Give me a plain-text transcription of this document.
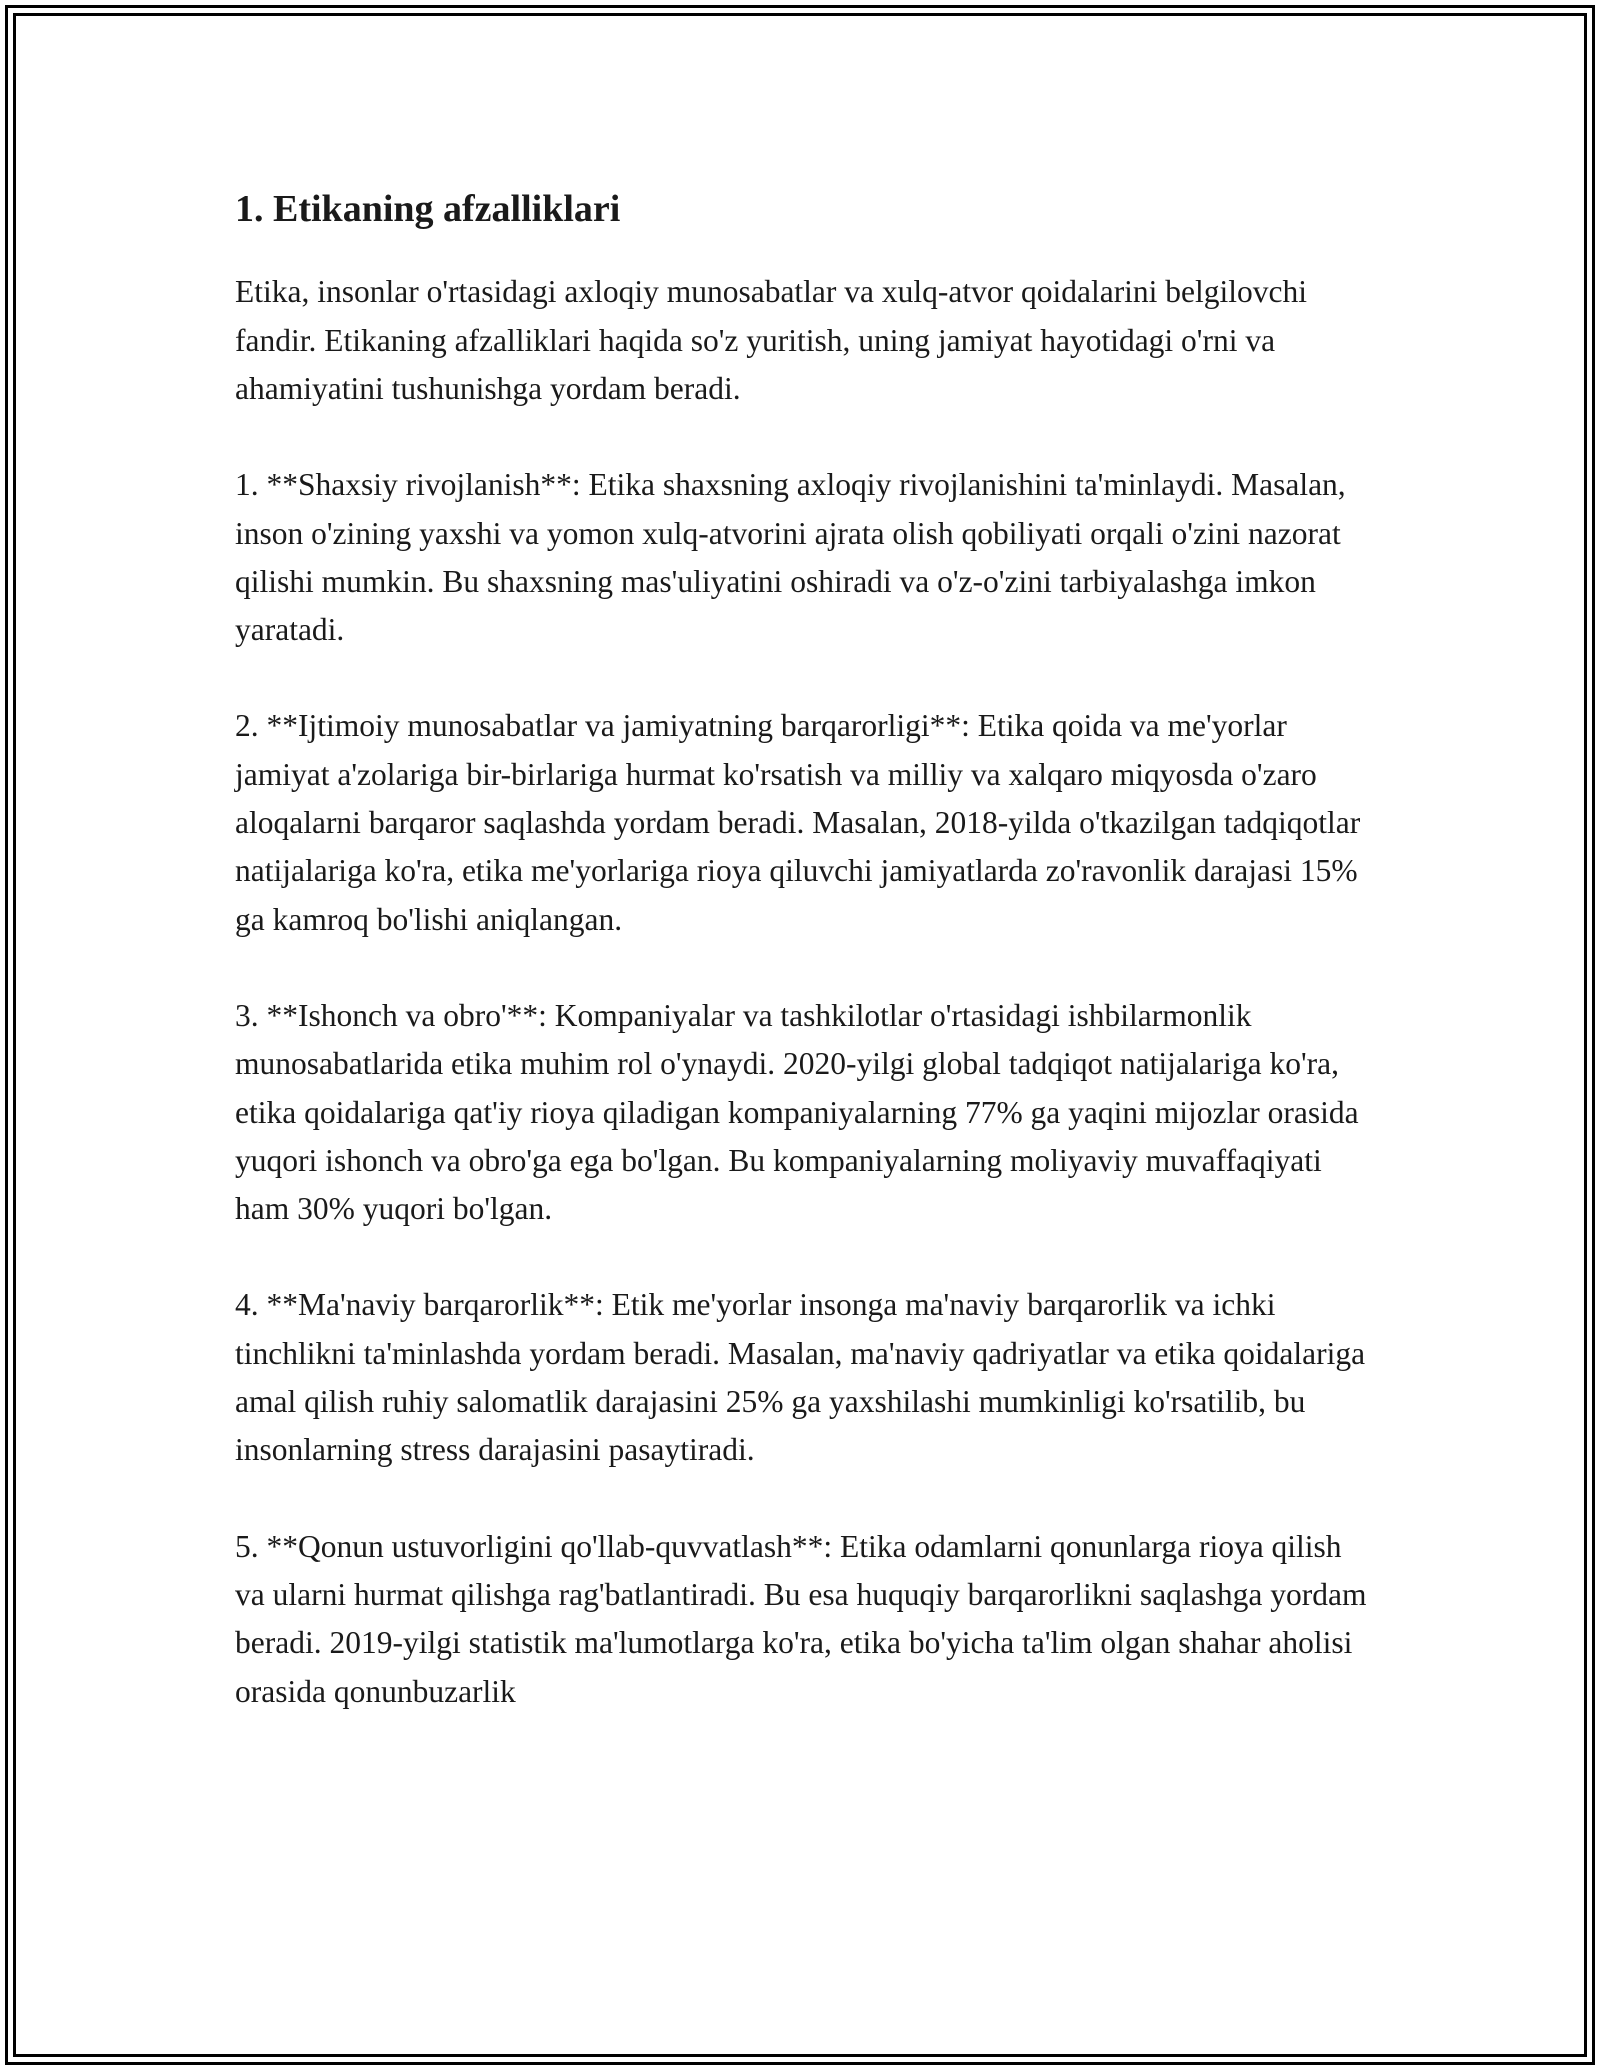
1. Etikaning afzalliklari

Etika, insonlar o'rtasidagi axloqiy munosabatlar va xulq-atvor qoidalarini belgilovchi fandir. Etikaning afzalliklari haqida so'z yuritish, uning jamiyat hayotidagi o'rni va ahamiyatini tushunishga yordam beradi.

1. **Shaxsiy rivojlanish**: Etika shaxsning axloqiy rivojlanishini ta'minlaydi. Masalan, inson o'zining yaxshi va yomon xulq-atvorini ajrata olish qobiliyati orqali o'zini nazorat qilishi mumkin. Bu shaxsning mas'uliyatini oshiradi va o'z-o'zini tarbiyalashga imkon yaratadi.

2. **Ijtimoiy munosabatlar va jamiyatning barqarorligi**: Etika qoida va me'yorlar jamiyat a'zolariga bir-birlariga hurmat ko'rsatish va milliy va xalqaro miqyosda o'zaro aloqalarni barqaror saqlashda yordam beradi. Masalan, 2018-yilda o'tkazilgan tadqiqotlar natijalariga ko'ra, etika me'yorlariga rioya qiluvchi jamiyatlarda zo'ravonlik darajasi 15% ga kamroq bo'lishi aniqlangan.

3. **Ishonch va obro'**: Kompaniyalar va tashkilotlar o'rtasidagi ishbilarmonlik munosabatlarida etika muhim rol o'ynaydi. 2020-yilgi global tadqiqot natijalariga ko'ra, etika qoidalariga qat'iy rioya qiladigan kompaniyalarning 77% ga yaqini mijozlar orasida yuqori ishonch va obro'ga ega bo'lgan. Bu kompaniyalarning moliyaviy muvaffaqiyati ham 30% yuqori bo'lgan.

4. **Ma'naviy barqarorlik**: Etik me'yorlar insonga ma'naviy barqarorlik va ichki tinchlikni ta'minlashda yordam beradi. Masalan, ma'naviy qadriyatlar va etika qoidalariga amal qilish ruhiy salomatlik darajasini 25% ga yaxshilashi mumkinligi ko'rsatilib, bu insonlarning stress darajasini pasaytiradi.

5. **Qonun ustuvorligini qo'llab-quvvatlash**: Etika odamlarni qonunlarga rioya qilish va ularni hurmat qilishga rag'batlantiradi. Bu esa huquqiy barqarorlikni saqlashga yordam beradi. 2019-yilgi statistik ma'lumotlarga ko'ra, etika bo'yicha ta'lim olgan shahar aholisi orasida qonunbuzarlik
